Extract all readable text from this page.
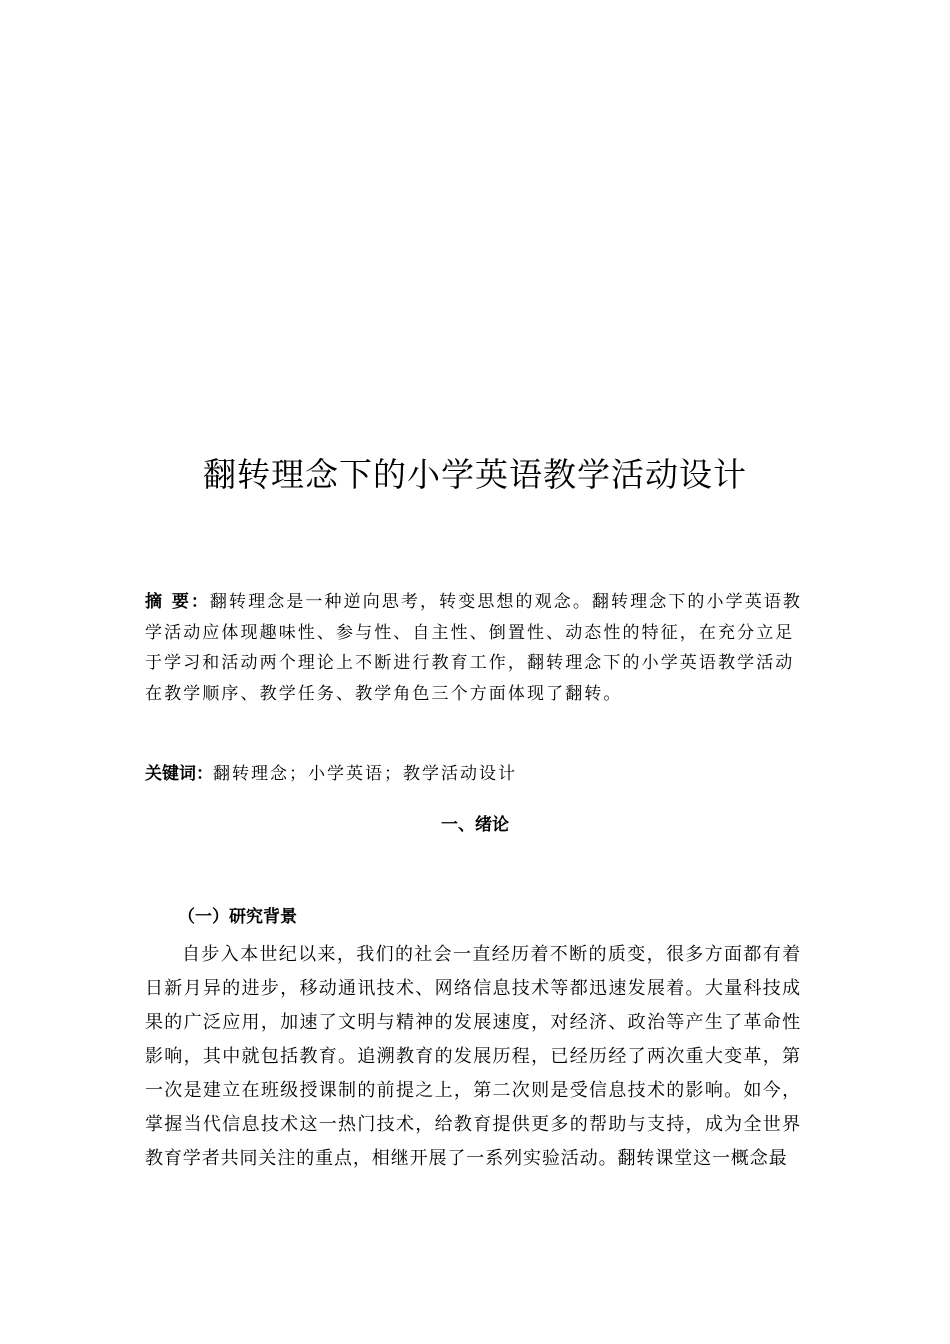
翻转理念下的小学英语教学活动设计

摘 要：翻转理念是一种逆向思考，转变思想的观念。翻转理念下的小学英语教学活动应体现趣味性、参与性、自主性、倒置性、动态性的特征，在充分立足于学习和活动两个理论上不断进行教育工作，翻转理念下的小学英语教学活动在教学顺序、教学任务、教学角色三个方面体现了翻转。

关键词：翻转理念；小学英语；教学活动设计

一、绪论
（一）研究背景

自步入本世纪以来，我们的社会一直经历着不断的质变，很多方面都有着日新月异的进步，移动通讯技术、网络信息技术等都迅速发展着。大量科技成果的广泛应用，加速了文明与精神的发展速度，对经济、政治等产生了革命性影响，其中就包括教育。追溯教育的发展历程，已经历经了两次重大变革，第一次是建立在班级授课制的前提之上，第二次则是受信息技术的影响。如今，掌握当代信息技术这一热门技术，给教育提供更多的帮助与支持，成为全世界教育学者共同关注的重点，相继开展了一系列实验活动。翻转课堂这一概念最
